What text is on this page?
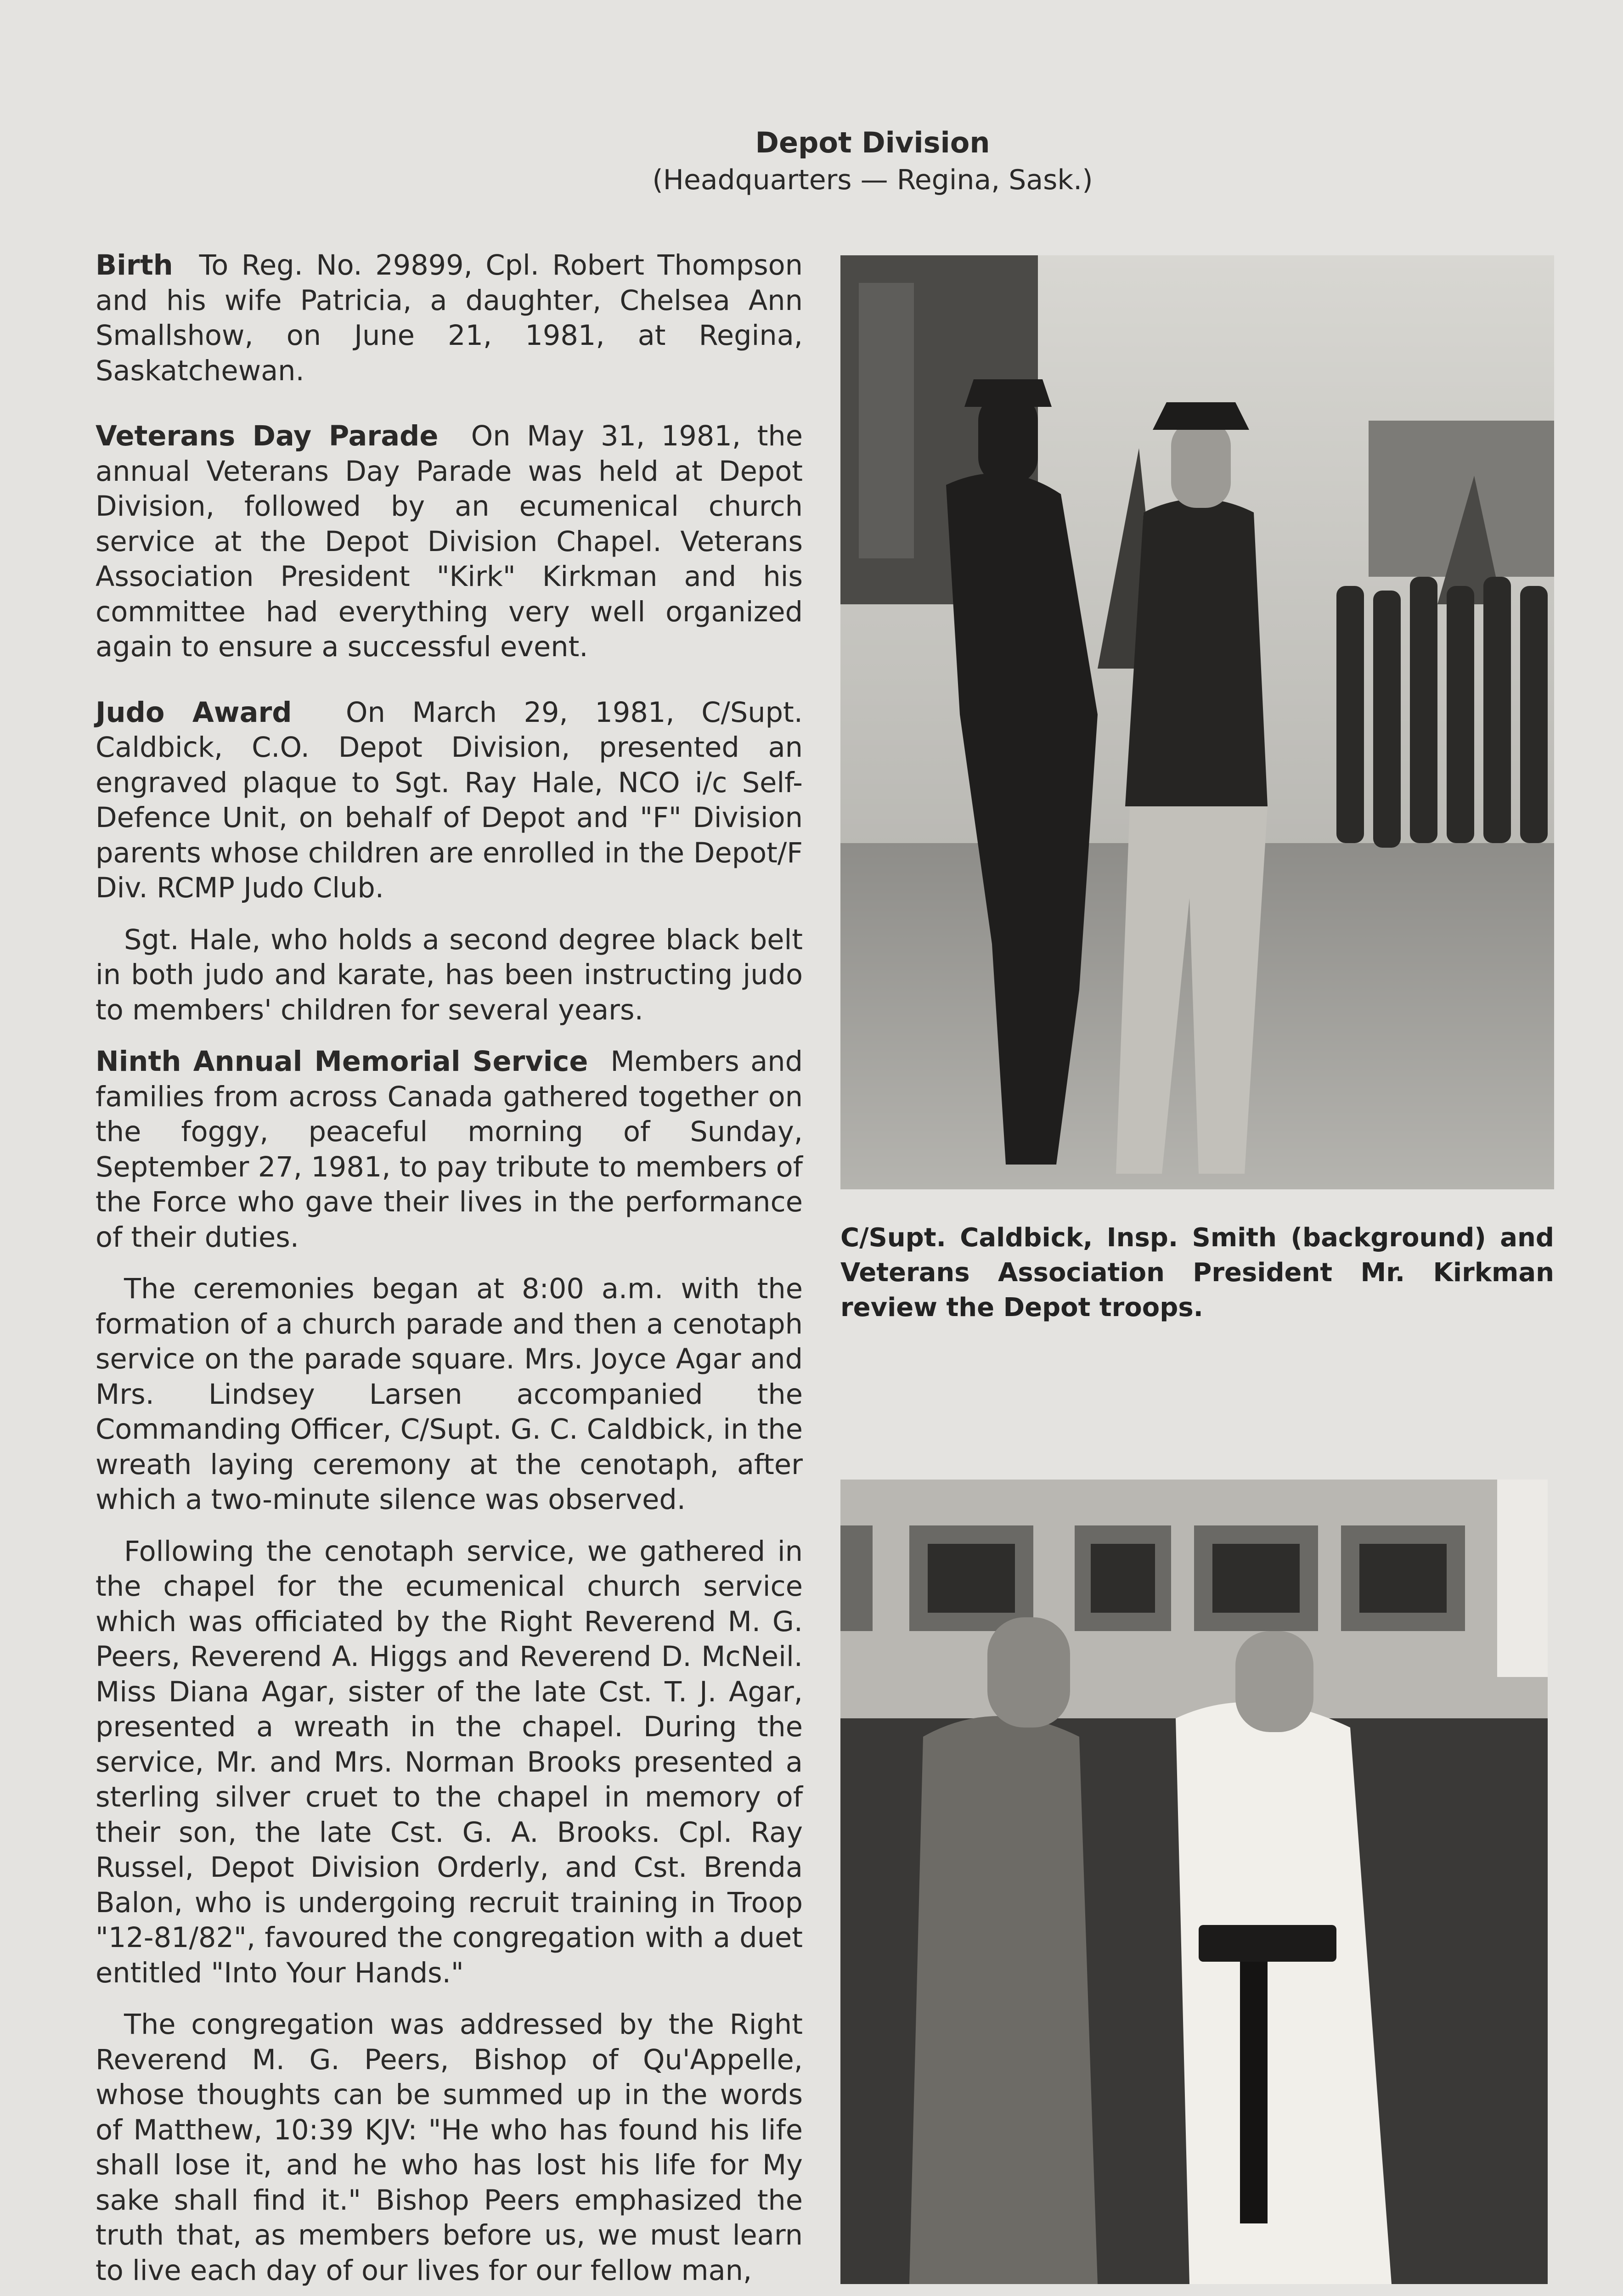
Depot Division
(Headquarters — Regina, Sask.)

Birth To Reg. No. 29899, Cpl. Robert Thompson and his wife Patricia, a daughter, Chelsea Ann Smallshow, on June 21, 1981, at Regina, Saskatchewan.

Veterans Day Parade On May 31, 1981, the annual Veterans Day Parade was held at Depot Division, followed by an ecumenical church service at the Depot Division Chapel. Veterans Association President "Kirk" Kirkman and his committee had everything very well organized again to ensure a successful event.

Judo Award On March 29, 1981, C/Supt. Caldbick, C.O. Depot Division, presented an engraved plaque to Sgt. Ray Hale, NCO i/c Self-Defence Unit, on behalf of Depot and "F" Division parents whose children are enrolled in the Depot/F Div. RCMP Judo Club.

Sgt. Hale, who holds a second degree black belt in both judo and karate, has been instructing judo to members' children for several years.

Ninth Annual Memorial Service Members and families from across Canada gathered together on the foggy, peaceful morning of Sunday, September 27, 1981, to pay tribute to members of the Force who gave their lives in the performance of their duties.

The ceremonies began at 8:00 a.m. with the formation of a church parade and then a cenotaph service on the parade square. Mrs. Joyce Agar and Mrs. Lindsey Larsen accompanied the Commanding Officer, C/Supt. G. C. Caldbick, in the wreath laying ceremony at the cenotaph, after which a two-minute silence was observed.

Following the cenotaph service, we gathered in the chapel for the ecumenical church service which was officiated by the Right Reverend M. G. Peers, Reverend A. Higgs and Reverend D. McNeil. Miss Diana Agar, sister of the late Cst. T. J. Agar, presented a wreath in the chapel. During the service, Mr. and Mrs. Norman Brooks presented a sterling silver cruet to the chapel in memory of their son, the late Cst. G. A. Brooks. Cpl. Ray Russel, Depot Division Orderly, and Cst. Brenda Balon, who is undergoing recruit training in Troop "12-81/82", favoured the congregation with a duet entitled "Into Your Hands."

The congregation was addressed by the Right Reverend M. G. Peers, Bishop of Qu'Appelle, whose thoughts can be summed up in the words of Matthew, 10:39 KJV: "He who has found his life shall lose it, and he who has lost his life for My sake shall find it." Bishop Peers emphasized the truth that, as members before us, we must learn to live each day of our lives for our fellow man,

C/Supt. Caldbick, Insp. Smith (background) and Veterans Association President Mr. Kirkman review the Depot troops.
